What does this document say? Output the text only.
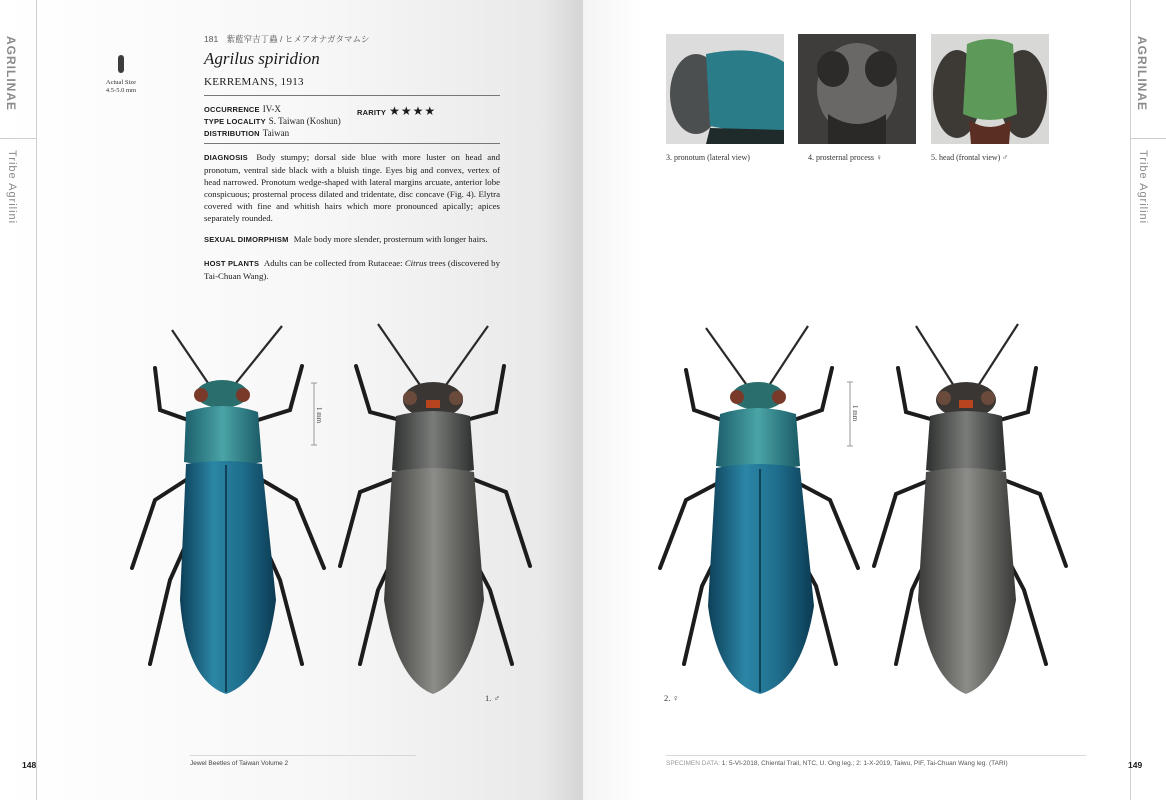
AGRILINAE
Tribe Agrilini
AGRILINAE
Tribe Agrilini
Actual Size
4.5-5.0 mm
181　紫藍窄吉丁蟲 / ヒメアオナガタマムシ
Agrilus spiridion
KERREMANS, 1913
OCCURRENCE IV-X	RARITY ★★★★
TYPE LOCALITY S. Taiwan (Koshun)
DISTRIBUTION Taiwan
DIAGNOSIS Body stumpy; dorsal side blue with more luster on head and pronotum, ventral side black with a bluish tinge. Eyes big and convex, vertex of head narrowed. Pronotum wedge-shaped with lateral margins arcuate, anterior lobe conspicuous; prosternal process dilated and tridentate, disc concave (Fig. 4). Elytra covered with fine and whitish hairs which more pronounced apically; apices separately rounded.
SEXUAL DIMORPHISM Male body more slender, prosternum with longer hairs.
HOST PLANTS Adults can be collected from Rutaceae: Citrus trees (discovered by Tai-Chuan Wang).
1 mm	1 mm
1. ♂	2. ♀
3. pronotum (lateral view)	4. prosternal process ♀	5. head (frontal view) ♂
148	Jewel Beetles of Taiwan Volume 2	SPECIMEN DATA: 1: 5-VI-2018, Chiental Trail, NTC, U. Ong leg.; 2: 1-X-2019, Taiwu, PIF, Tai-Chuan Wang leg. (TARI)	149
